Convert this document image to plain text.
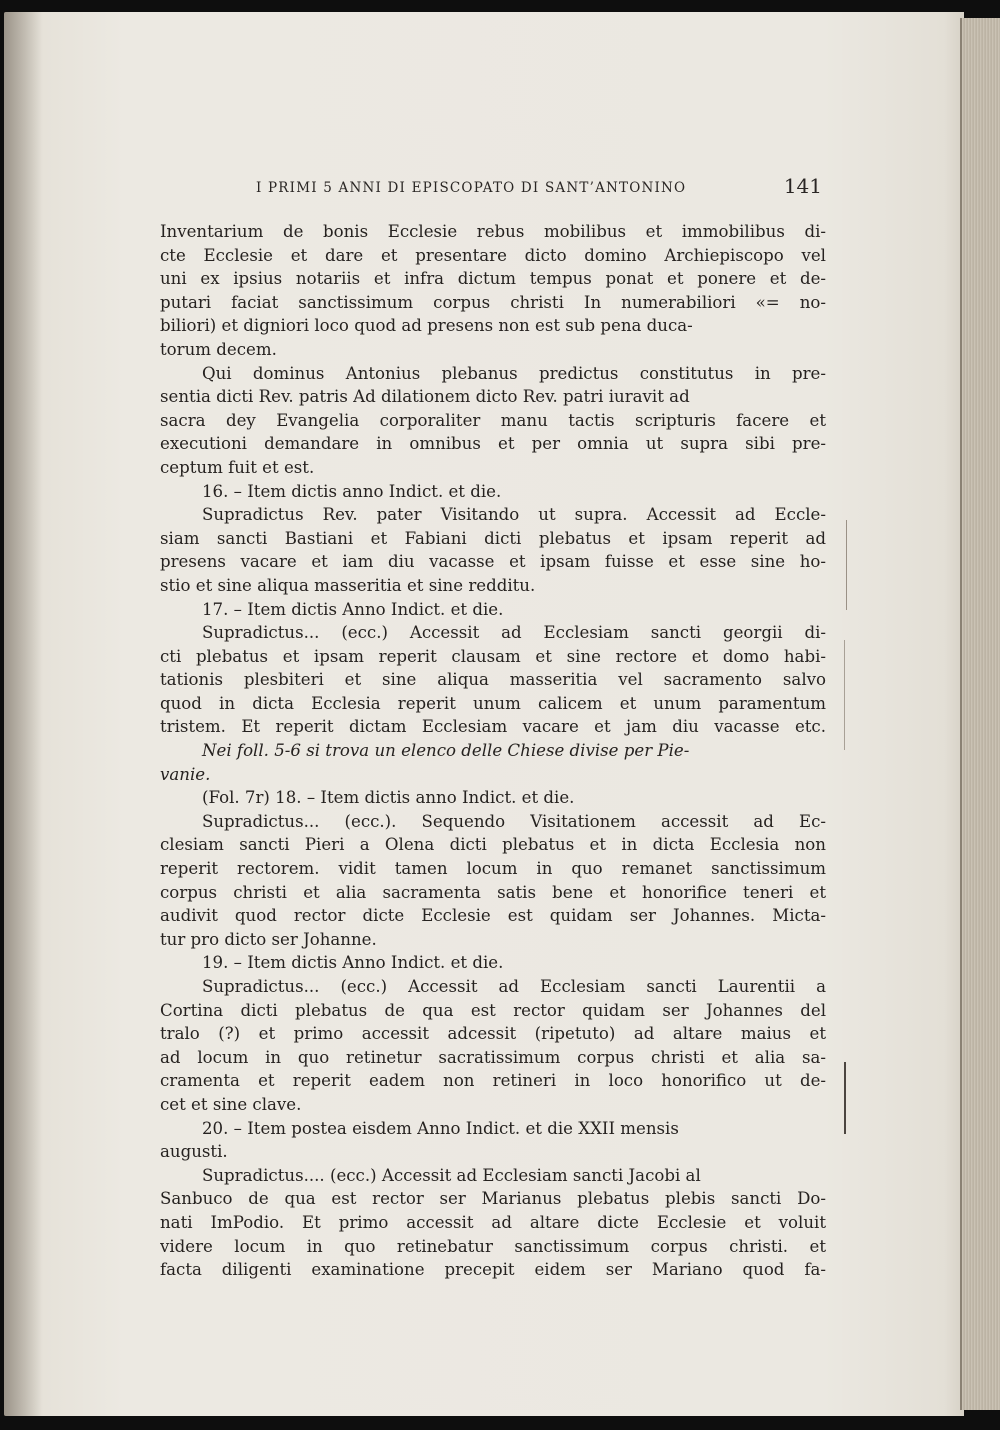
I PRIMI 5 ANNI DI EPISCOPATO DI SANT’ANTONINO	141
Inventarium de bonis Ecclesie rebus mobilibus et immobilibus di-
cte Ecclesie et dare et presentare dicto domino Archiepiscopo vel
uni ex ipsius notariis et infra dictum tempus ponat et ponere et de-
putari faciat sanctissimum corpus christi In numerabiliori «= no-
biliori) et digniori loco quod ad presens non est sub pena duca-
torum decem.
Qui dominus Antonius plebanus predictus constitutus in pre-
sentia dicti Rev. patris Ad dilationem dicto Rev. patri iuravit ad
sacra dey Evangelia corporaliter manu tactis scripturis facere et
executioni demandare in omnibus et per omnia ut supra sibi pre-
ceptum fuit et est.
16. – Item dictis anno Indict. et die.
Supradictus Rev. pater Visitando ut supra. Accessit ad Eccle-
siam sancti Bastiani et Fabiani dicti plebatus et ipsam reperit ad
presens vacare et iam diu vacasse et ipsam fuisse et esse sine ho-
stio et sine aliqua masseritia et sine redditu.
17. – Item dictis Anno Indict. et die.
Supradictus... (ecc.) Accessit ad Ecclesiam sancti georgii di-
cti plebatus et ipsam reperit clausam et sine rectore et domo habi-
tationis plesbiteri et sine aliqua masseritia vel sacramento salvo
quod in dicta Ecclesia reperit unum calicem et unum paramentum
tristem. Et reperit dictam Ecclesiam vacare et jam diu vacasse etc.
Nei foll. 5-6 si trova un elenco delle Chiese divise per Pie-
vanie.
(Fol. 7r) 18. – Item dictis anno Indict. et die.
Supradictus... (ecc.). Sequendo Visitationem accessit ad Ec-
clesiam sancti Pieri a Olena dicti plebatus et in dicta Ecclesia non
reperit rectorem. vidit tamen locum in quo remanet sanctissimum
corpus christi et alia sacramenta satis bene et honorifice teneri et
audivit quod rector dicte Ecclesie est quidam ser Johannes. Micta-
tur pro dicto ser Johanne.
19. – Item dictis Anno Indict. et die.
Supradictus... (ecc.) Accessit ad Ecclesiam sancti Laurentii a
Cortina dicti plebatus de qua est rector quidam ser Johannes del
tralo (?) et primo accessit adcessit (ripetuto) ad altare maius et
ad locum in quo retinetur sacratissimum corpus christi et alia sa-
cramenta et reperit eadem non retineri in loco honorifico ut de-
cet et sine clave.
20. – Item postea eisdem Anno Indict. et die XXII mensis
augusti.
Supradictus.... (ecc.) Accessit ad Ecclesiam sancti Jacobi al
Sanbuco de qua est rector ser Marianus plebatus plebis sancti Do-
nati ImPodio. Et primo accessit ad altare dicte Ecclesie et voluit
videre locum in quo retinebatur sanctissimum corpus christi. et
facta diligenti examinatione precepit eidem ser Mariano quod fa-
